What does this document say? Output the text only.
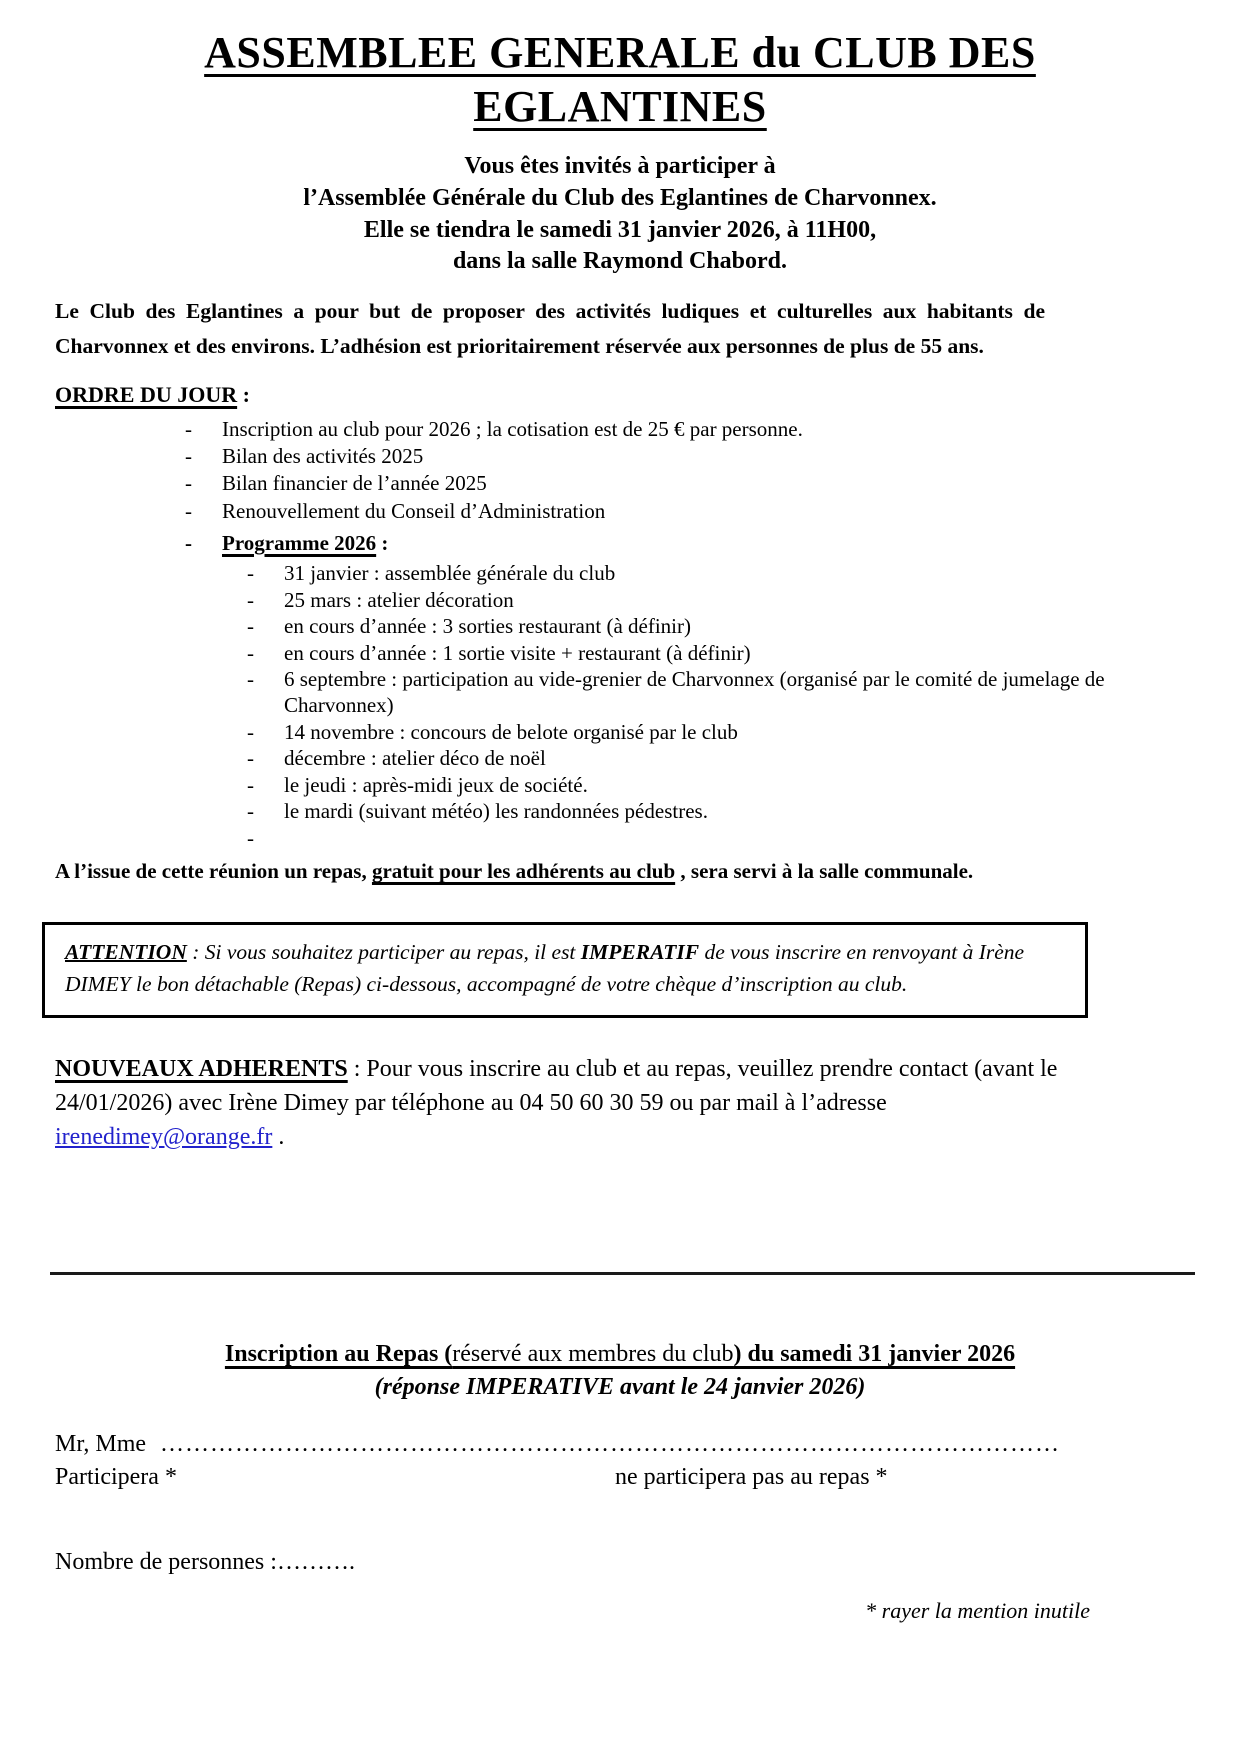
ASSEMBLEE GENERALE du CLUB DES
EGLANTINES
Vous êtes invités à participer à
l’Assemblée Générale du Club des Eglantines de Charvonnex.
Elle se tiendra le samedi 31 janvier 2026, à 11H00,
dans la salle Raymond Chabord.

Le Club des Eglantines a pour but de proposer des activités ludiques et culturelles aux habitants de Charvonnex et des environs. L’adhésion est prioritairement réservée aux personnes de plus de 55 ans.

ORDRE DU JOUR :

-	Inscription au club pour 2026 ; la cotisation est de 25 € par personne.
-	Bilan des activités 2025
-	Bilan financier de l’année 2025
-	Renouvellement du Conseil d’Administration
-	Programme 2026 :
-	31 janvier : assemblée générale du club
-	25 mars : atelier décoration
-	en cours d’année : 3 sorties restaurant (à définir)
-	en cours d’année : 1 sortie visite + restaurant (à définir)
-	6 septembre : participation au vide-grenier de Charvonnex (organisé par le comité de jumelage de Charvonnex)
-	14 novembre : concours de belote organisé par le club
-	décembre : atelier déco de noël
-	le jeudi : après-midi jeux de société.
-	le mardi (suivant météo) les randonnées pédestres.
-

A l’issue de cette réunion un repas, gratuit pour les adhérents au club , sera servi à la salle communale.

ATTENTION : Si vous souhaitez participer au repas, il est IMPERATIF de vous inscrire en renvoyant à Irène
DIMEY le bon détachable (Repas) ci-dessous, accompagné de votre chèque d’inscription au club.

NOUVEAUX ADHERENTS : Pour vous inscrire au club et au repas, veuillez prendre contact (avant le 24/01/2026) avec Irène Dimey par téléphone au 04 50 60 30 59 ou par mail à l’adresse irenedimey@orange.fr .

Inscription au Repas (réservé aux membres du club) du samedi 31 janvier 2026
(réponse IMPERATIVE avant le 24 janvier 2026)

Mr, Mme ………………………………………………………………………………………………

Participera *	ne participera pas au repas *

Nombre de personnes :……….

* rayer la mention inutile
